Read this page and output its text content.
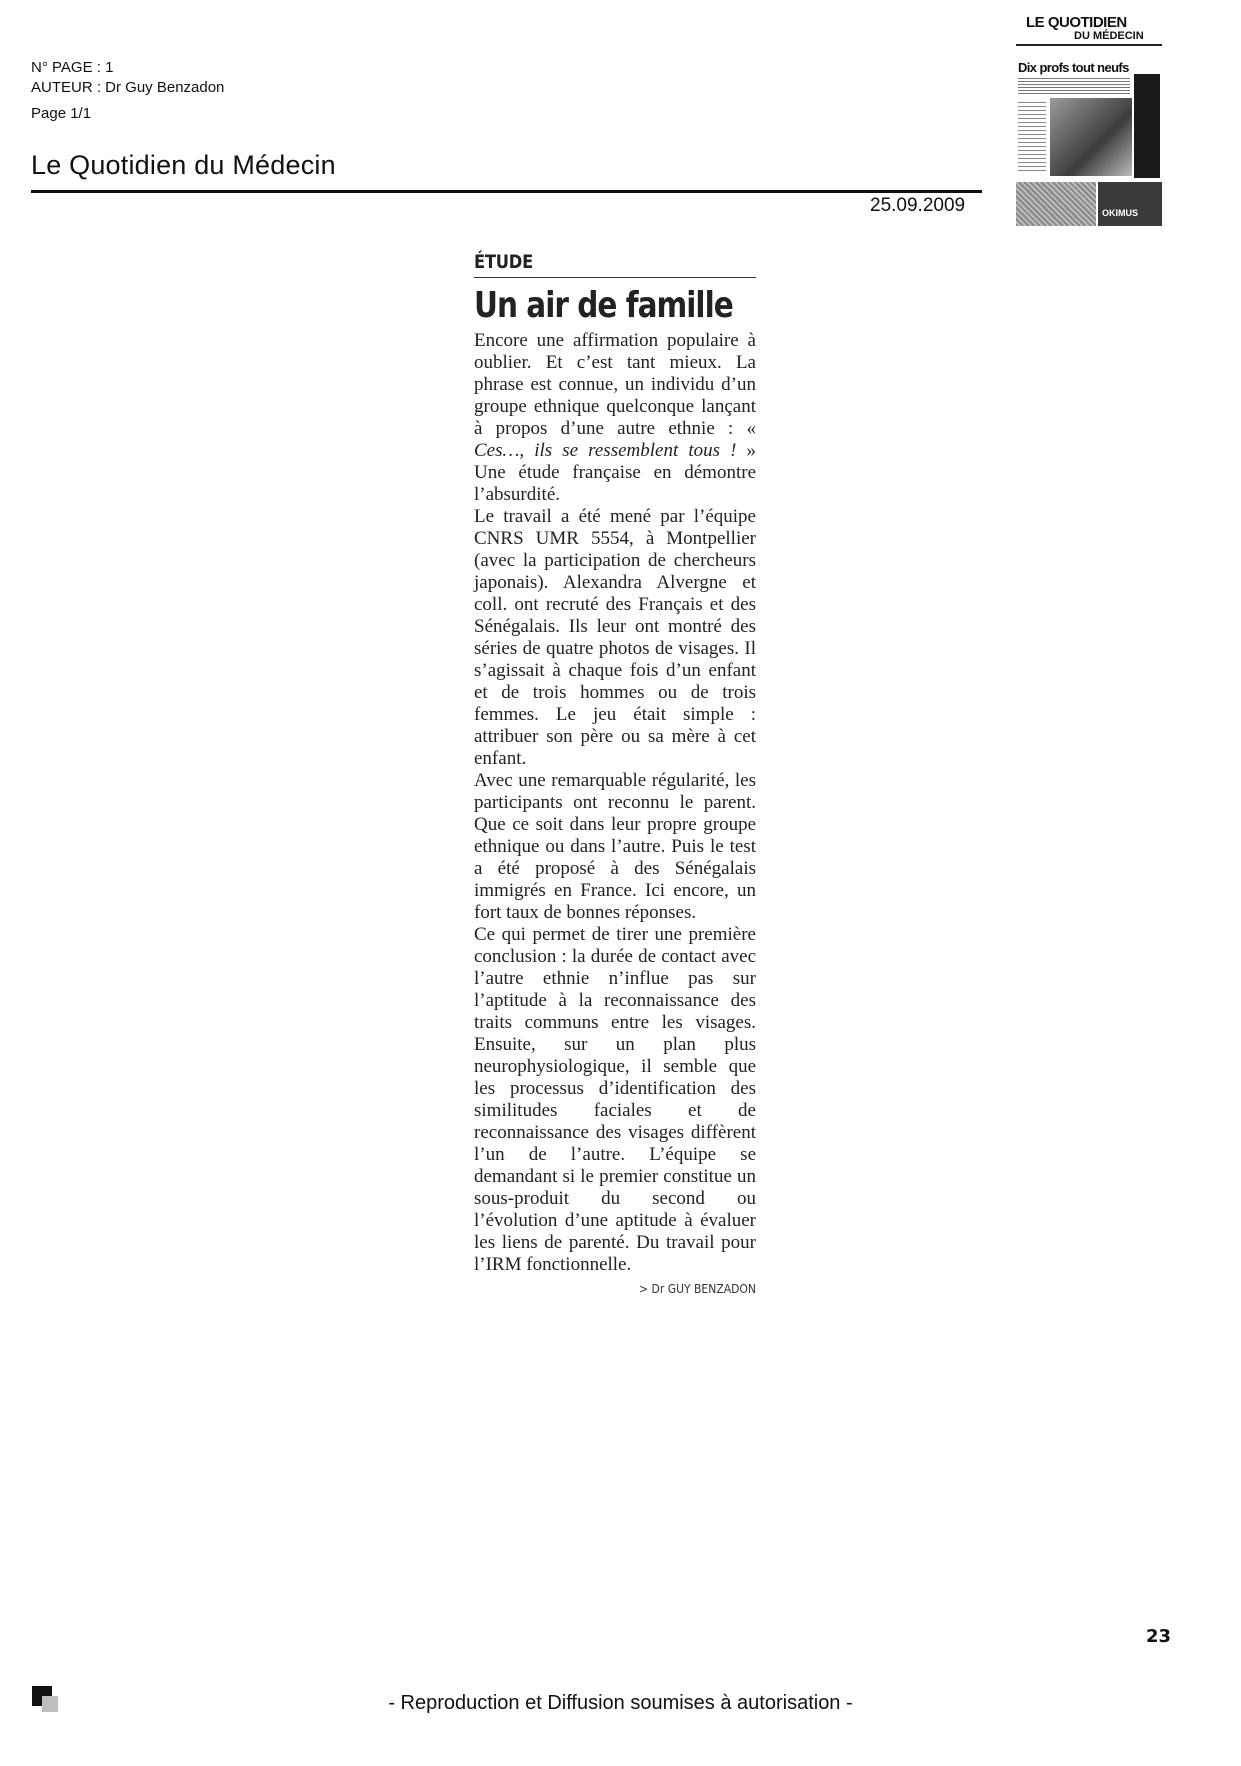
N° PAGE : 1
AUTEUR : Dr Guy Benzadon
Page 1/1
Le Quotidien du Médecin
25.09.2009
LE QUOTIDIEN
DU MÉDECIN
Dix profs tout neufs
OKIMUS
ÉTUDE
Un air de famille

Encore une affirmation populaire à oublier. Et c’est tant mieux. La phrase est connue, un individu d’un groupe ethnique quelconque lançant à propos d’une autre ethnie : « Ces…, ils se ressemblent tous ! » Une étude française en démontre l’absurdité.

Le travail a été mené par l’équipe CNRS UMR 5554, à Montpellier (avec la participation de chercheurs japonais). Alexandra Alvergne et coll. ont recruté des Français et des Sénégalais. Ils leur ont montré des séries de quatre photos de visages. Il s’agissait à chaque fois d’un enfant et de trois hommes ou de trois femmes. Le jeu était simple : attribuer son père ou sa mère à cet enfant.

Avec une remarquable régularité, les participants ont reconnu le parent. Que ce soit dans leur propre groupe ethnique ou dans l’autre. Puis le test a été proposé à des Sénégalais immigrés en France. Ici encore, un fort taux de bonnes réponses.

Ce qui permet de tirer une première conclusion : la durée de contact avec l’autre ethnie n’influe pas sur l’aptitude à la reconnaissance des traits communs entre les visages. Ensuite, sur un plan plus neurophysiologique, il semble que les processus d’identification des similitudes faciales et de reconnaissance des visages diffèrent l’un de l’autre. L’équipe se demandant si le premier constitue un sous-produit du second ou l’évolution d’une aptitude à évaluer les liens de parenté. Du travail pour l’IRM fonctionnelle.

> Dr GUY BENZADON
23
- Reproduction et Diffusion soumises à autorisation -
